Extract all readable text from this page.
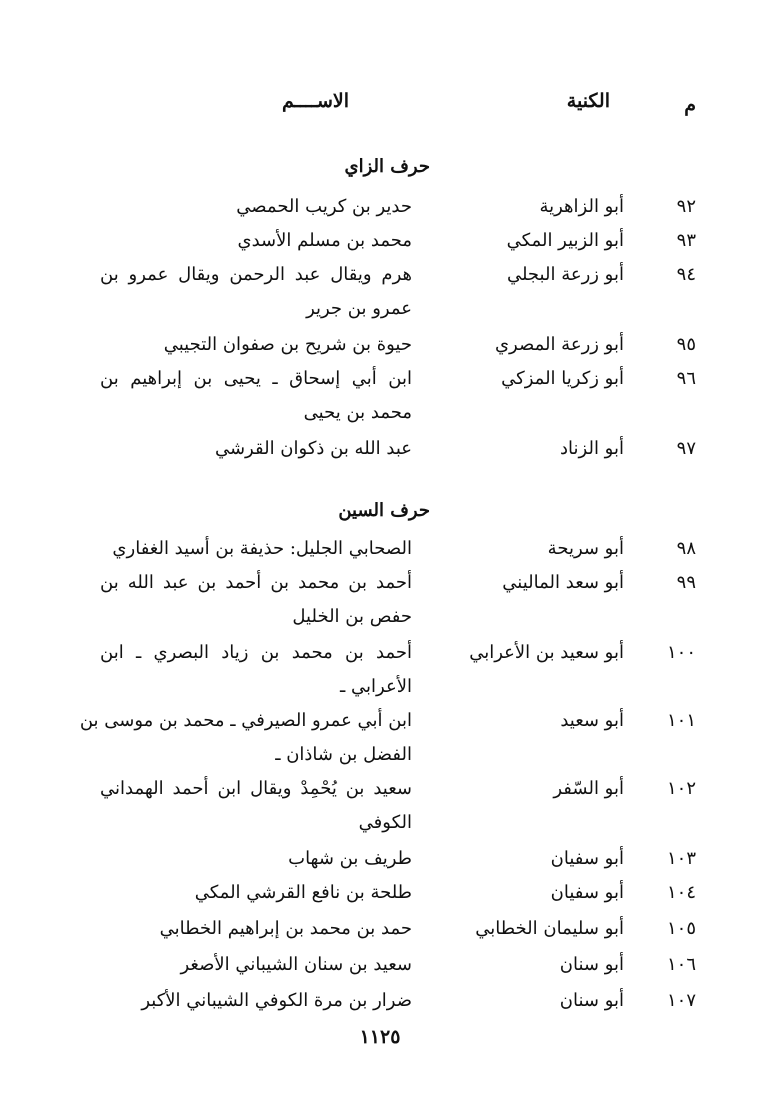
م
الكنية
الاســــم
حرف الزاي
٩٢
أبو الزاهرية
حدير بن كريب الحمصي
٩٣
أبو الزبير المكي
محمد بن مسلم الأسدي
٩٤
أبو زرعة البجلي
هرم ويقال عبد الرحمن ويقال عمرو بن
عمرو بن جرير
٩٥
أبو زرعة المصري
حيوة بن شريح بن صفوان التجيبي
٩٦
أبو زكريا المزكي
ابن أبي إسحاق ـ يحيى بن إبراهيم بن
محمد بن يحيى
٩٧
أبو الزناد
عبد الله بن ذكوان القرشي
حرف السين
٩٨
أبو سريحة
الصحابي الجليل: حذيفة بن أسيد الغفاري
٩٩
أبو سعد الماليني
أحمد بن محمد بن أحمد بن عبد الله بن
حفص بن الخليل
١٠٠
أبو سعيد بن الأعرابي
أحمد بن محمد بن زياد البصري ـ ابن
الأعرابي ـ
١٠١
أبو سعيد
ابن أبي عمرو الصيرفي ـ محمد بن موسى بن
الفضل بن شاذان ـ
١٠٢
أبو السّفر
سعيد بن يُحْمِدْ ويقال ابن أحمد الهمداني
الكوفي
١٠٣
أبو سفيان
طريف بن شهاب
١٠٤
أبو سفيان
طلحة بن نافع القرشي المكي
١٠٥
أبو سليمان الخطابي
حمد بن محمد بن إبراهيم الخطابي
١٠٦
أبو سنان
سعيد بن سنان الشيباني الأصغر
١٠٧
أبو سنان
ضرار بن مرة الكوفي الشيباني الأكبر
١١٢٥
